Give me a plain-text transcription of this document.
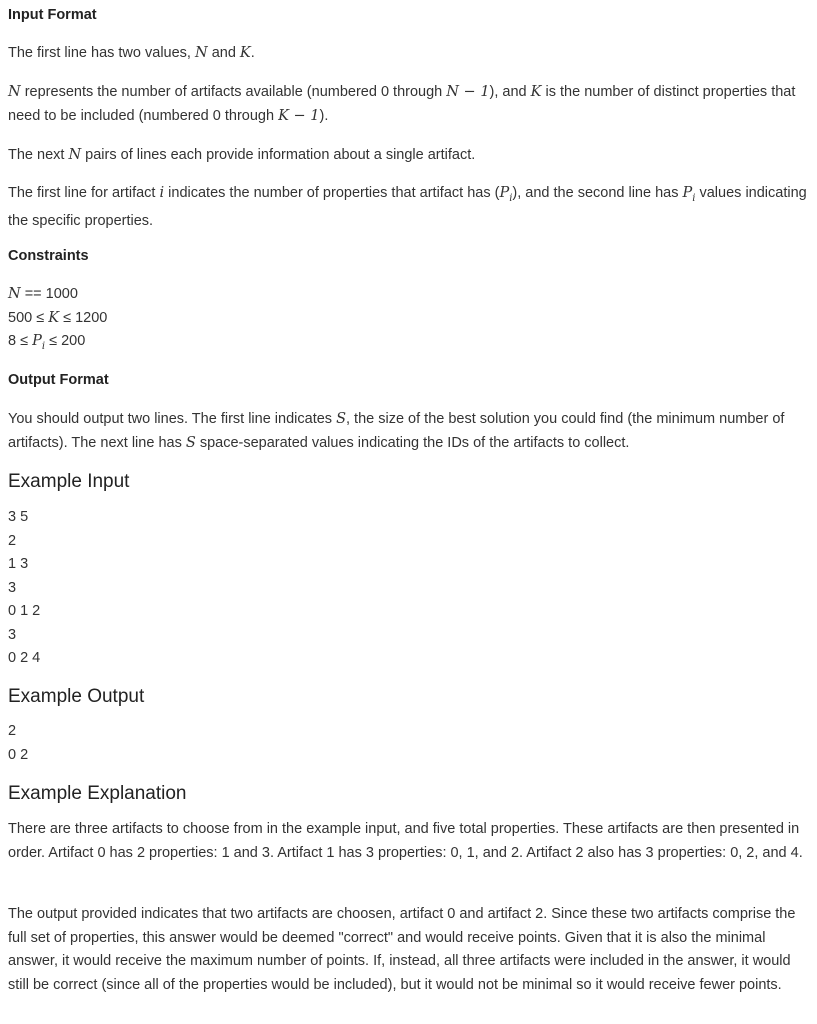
Input Format

The first line has two values, N and K.

N represents the number of artifacts available (numbered 0 through N − 1), and K is the number of distinct properties that need to be included (numbered 0 through K − 1).

The next N pairs of lines each provide information about a single artifact.

The first line for artifact i indicates the number of properties that artifact has $(P_i)$, and the second line has $P_i$ values indicating the specific properties.

Constraints

N == 1000

500 ≤ K ≤ 1200

$8 \le P_i \le 200$

Output Format

You should output two lines. The first line indicates S, the size of the best solution you could find (the minimum number of artifacts). The next line has S space-separated values indicating the IDs of the artifacts to collect.

Example Input

3 5

2

1 3

3

0 1 2

3

0 2 4

Example Output

2

0 2

Example Explanation

There are three artifacts to choose from in the example input, and five total properties. These artifacts are then presented in order. Artifact 0 has 2 properties: 1 and 3. Artifact 1 has 3 properties: 0, 1, and 2. Artifact 2 also has 3 properties: 0, 2, and 4.

The output provided indicates that two artifacts are choosen, artifact 0 and artifact 2. Since these two artifacts comprise the full set of properties, this answer would be deemed "correct" and would receive points. Given that it is also the minimal answer, it would receive the maximum number of points. If, instead, all three artifacts were included in the answer, it would still be correct (since all of the properties would be included), but it would not be minimal so it would receive fewer points.
